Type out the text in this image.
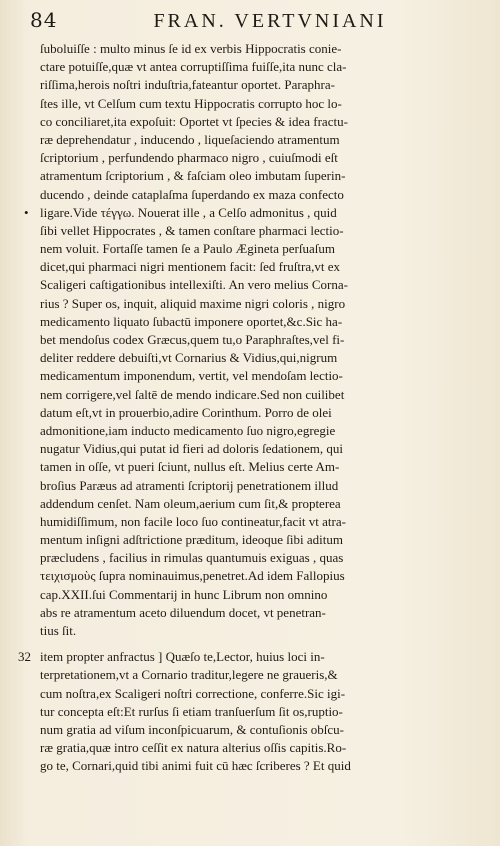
84	FRAN. VERTVNIANI
ſuboluiſſe : multo minus ſe id ex verbis Hippocratis conie-
ctare potuiſſe,quæ vt antea corruptiſſima fuiſſe,ita nunc cla-
riſſima,herois noſtri induſtria,fateantur oportet. Paraphra-
ſtes ille, vt Celſum cum textu Hippocratis corrupto hoc lo-
co conciliaret,ita expoſuit: Oportet vt ſpecies & idea fractu-
ræ deprehendatur , inducendo , liqueſaciendo atramentum
ſcriptorium , perfundendo pharmaco nigro , cuiuſmodi eſt
atramentum ſcriptorium , & faſciam oleo imbutam ſuperin-
ducendo , deinde cataplaſma ſuperdando ex maza confecto
• ligare.Vide τέγγω. Nouerat ille , a Celſo admonitus , quid
ſibi vellet Hippocrates , & tamen conſtare pharmaci lectio-
nem voluit. Fortaſſe tamen ſe a Paulo Ægineta perſuaſum
dicet,qui pharmaci nigri mentionem facit: ſed fruſtra,vt ex
Scaligeri caſtigationibus intellexiſti. An vero melius Corna-
rius ? Super os, inquit, aliquid maxime nigri coloris , nigro
medicamento liquato ſubactū imponere oportet,&c.Sic ha-
bet mendoſus codex Græcus,quem tu,o Paraphraſtes,vel fi-
deliter reddere debuiſti,vt Cornarius & Vidius,qui,nigrum
medicamentum imponendum, vertit, vel mendoſam lectio-
nem corrigere,vel ſaltē de mendo indicare.Sed non cuilibet
datum eſt,vt in prouerbio,adire Corinthum. Porro de olei
admonitione,iam inducto medicamento ſuo nigro,egregie
nugatur Vidius,qui putat id fieri ad doloris ſedationem, qui
tamen in oſſe, vt pueri ſciunt, nullus eſt. Melius certe Am-
broſius Paræus ad atramenti ſcriptorij penetrationem illud
addendum cenſet. Nam oleum,aerium cum ſit,& propterea
humidiſſimum, non facile loco ſuo contineatur,facit vt atra-
mentum inſigni adſtrictione præditum, ideoque ſibi aditum
præcludens , facilius in rimulas quantumuis exiguas , quas
τειχισμοὺς ſupra nominauimus,penetret.Ad idem Fallopius
cap.XXII.ſui Commentarij in hunc Librum non omnino
abs re atramentum aceto diluendum docet, vt penetran-
tius ſit.
32 item propter anfractus ] Quæſo te,Lector, huius loci in-
terpretationem,vt a Cornario traditur,legere ne graueris,&
cum noſtra,ex Scaligeri noſtri correctione, conferre.Sic igi-
tur concepta eſt:Et rurſus ſi etiam tranſuerſum ſit os,ruptio-
num gratia ad viſum inconſpicuarum, & contuſionis obſcu-
ræ gratia,quæ intro ceſſit ex natura alterius oſſis capitis.Ro-
go te, Cornari,quid tibi animi fuit cū hæc ſcriberes ? Et quid
